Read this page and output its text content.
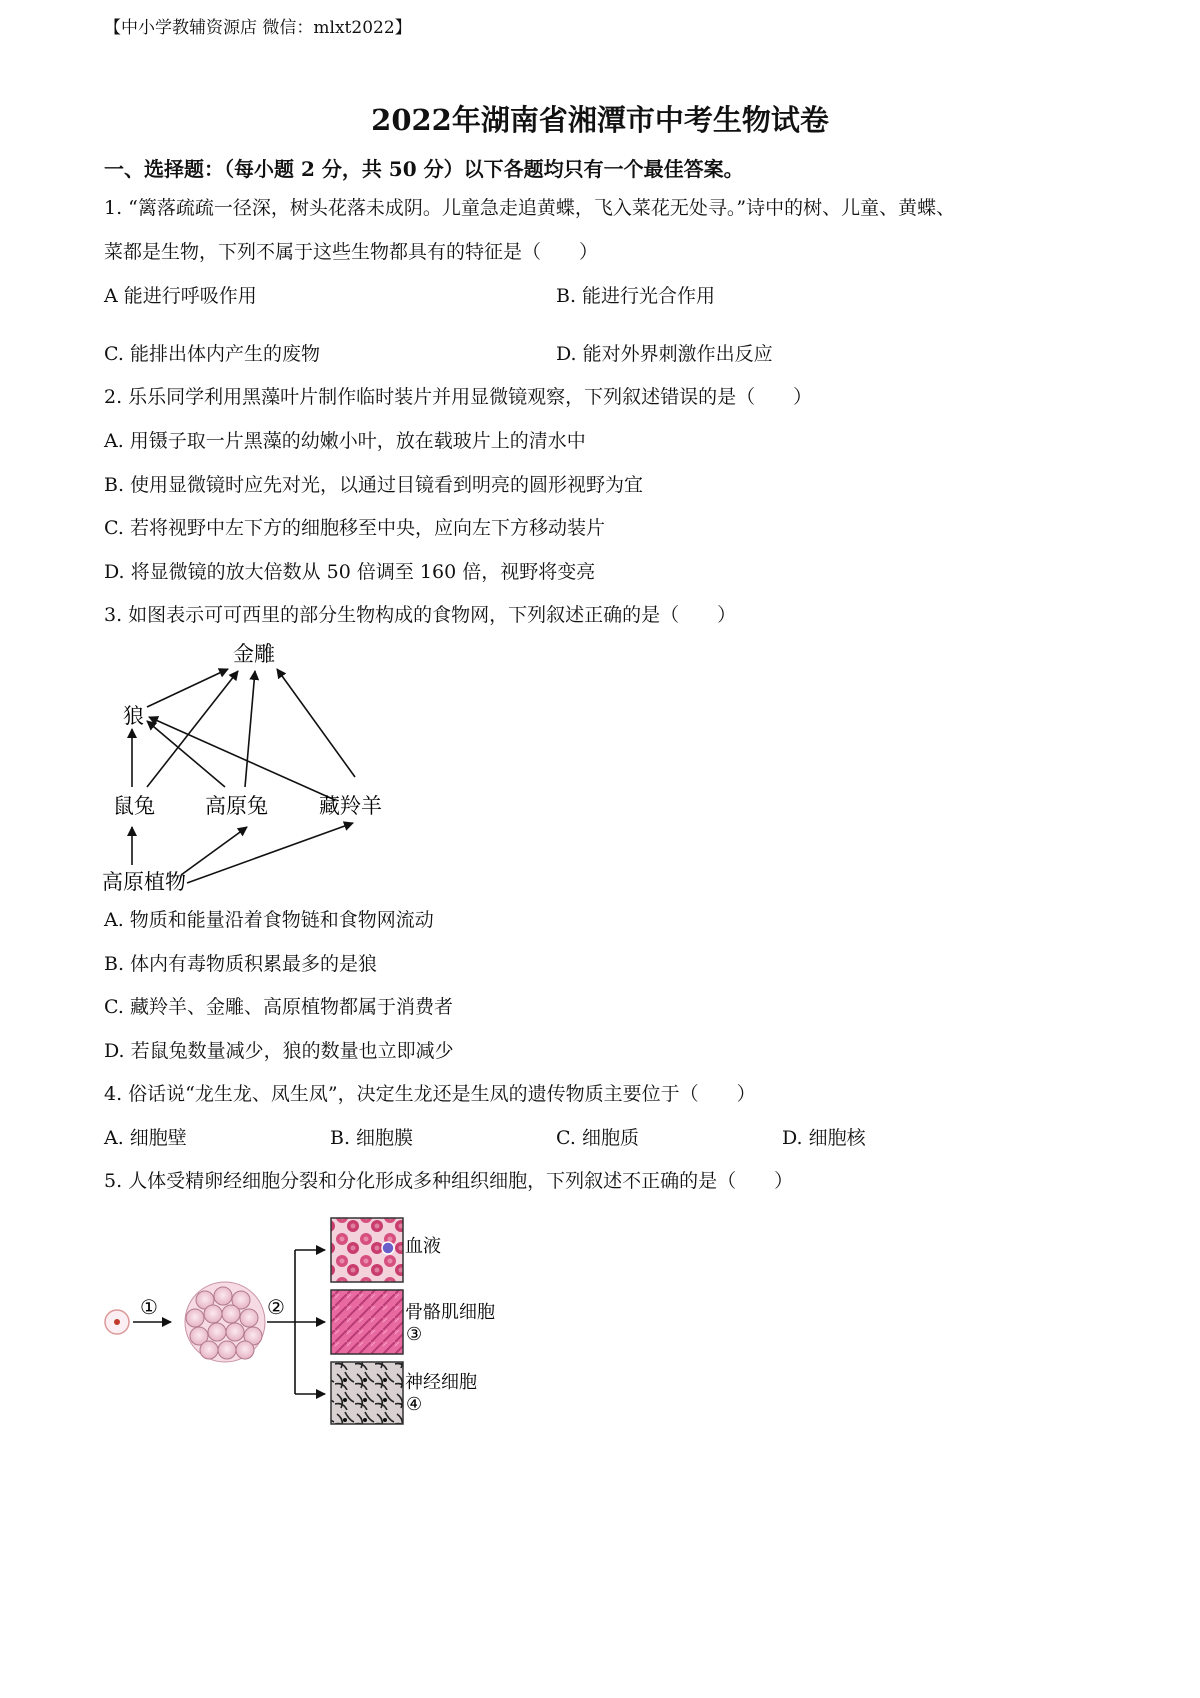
【中小学教辅资源店 微信：mlxt2022】
2022年湖南省湘潭市中考生物试卷
一、选择题：（每小题 2 分，共 50 分）以下各题均只有一个最佳答案。
1. “篱落疏疏一径深，树头花落未成阴。儿童急走追黄蝶，飞入菜花无处寻。”诗中的树、儿童、黄蝶、
菜都是生物，下列不属于这些生物都具有的特征是（　　）
A 能进行呼吸作用	B. 能进行光合作用
C. 能排出体内产生的废物	D. 能对外界刺激作出反应
2. 乐乐同学利用黑藻叶片制作临时装片并用显微镜观察，下列叙述错误的是（　　）
A. 用镊子取一片黑藻的幼嫩小叶，放在载玻片上的清水中
B. 使用显微镜时应先对光，以通过目镜看到明亮的圆形视野为宜
C. 若将视野中左下方的细胞移至中央，应向左下方移动装片
D. 将显微镜的放大倍数从 50 倍调至 160 倍，视野将变亮
3. 如图表示可可西里的部分生物构成的食物网，下列叙述正确的是（　　）
金雕
狼
鼠兔 高原兔 藏羚羊
高原植物
A. 物质和能量沿着食物链和食物网流动
B. 体内有毒物质积累最多的是狼
C. 藏羚羊、金雕、高原植物都属于消费者
D. 若鼠兔数量减少，狼的数量也立即减少
4. 俗话说“龙生龙、凤生凤”，决定生龙还是生凤的遗传物质主要位于（　　）
A. 细胞壁	B. 细胞膜	C. 细胞质	D. 细胞核
5. 人体受精卵经细胞分裂和分化形成多种组织细胞，下列叙述不正确的是（　　）
①	②
血液
骨骼肌细胞
③
神经细胞
④
